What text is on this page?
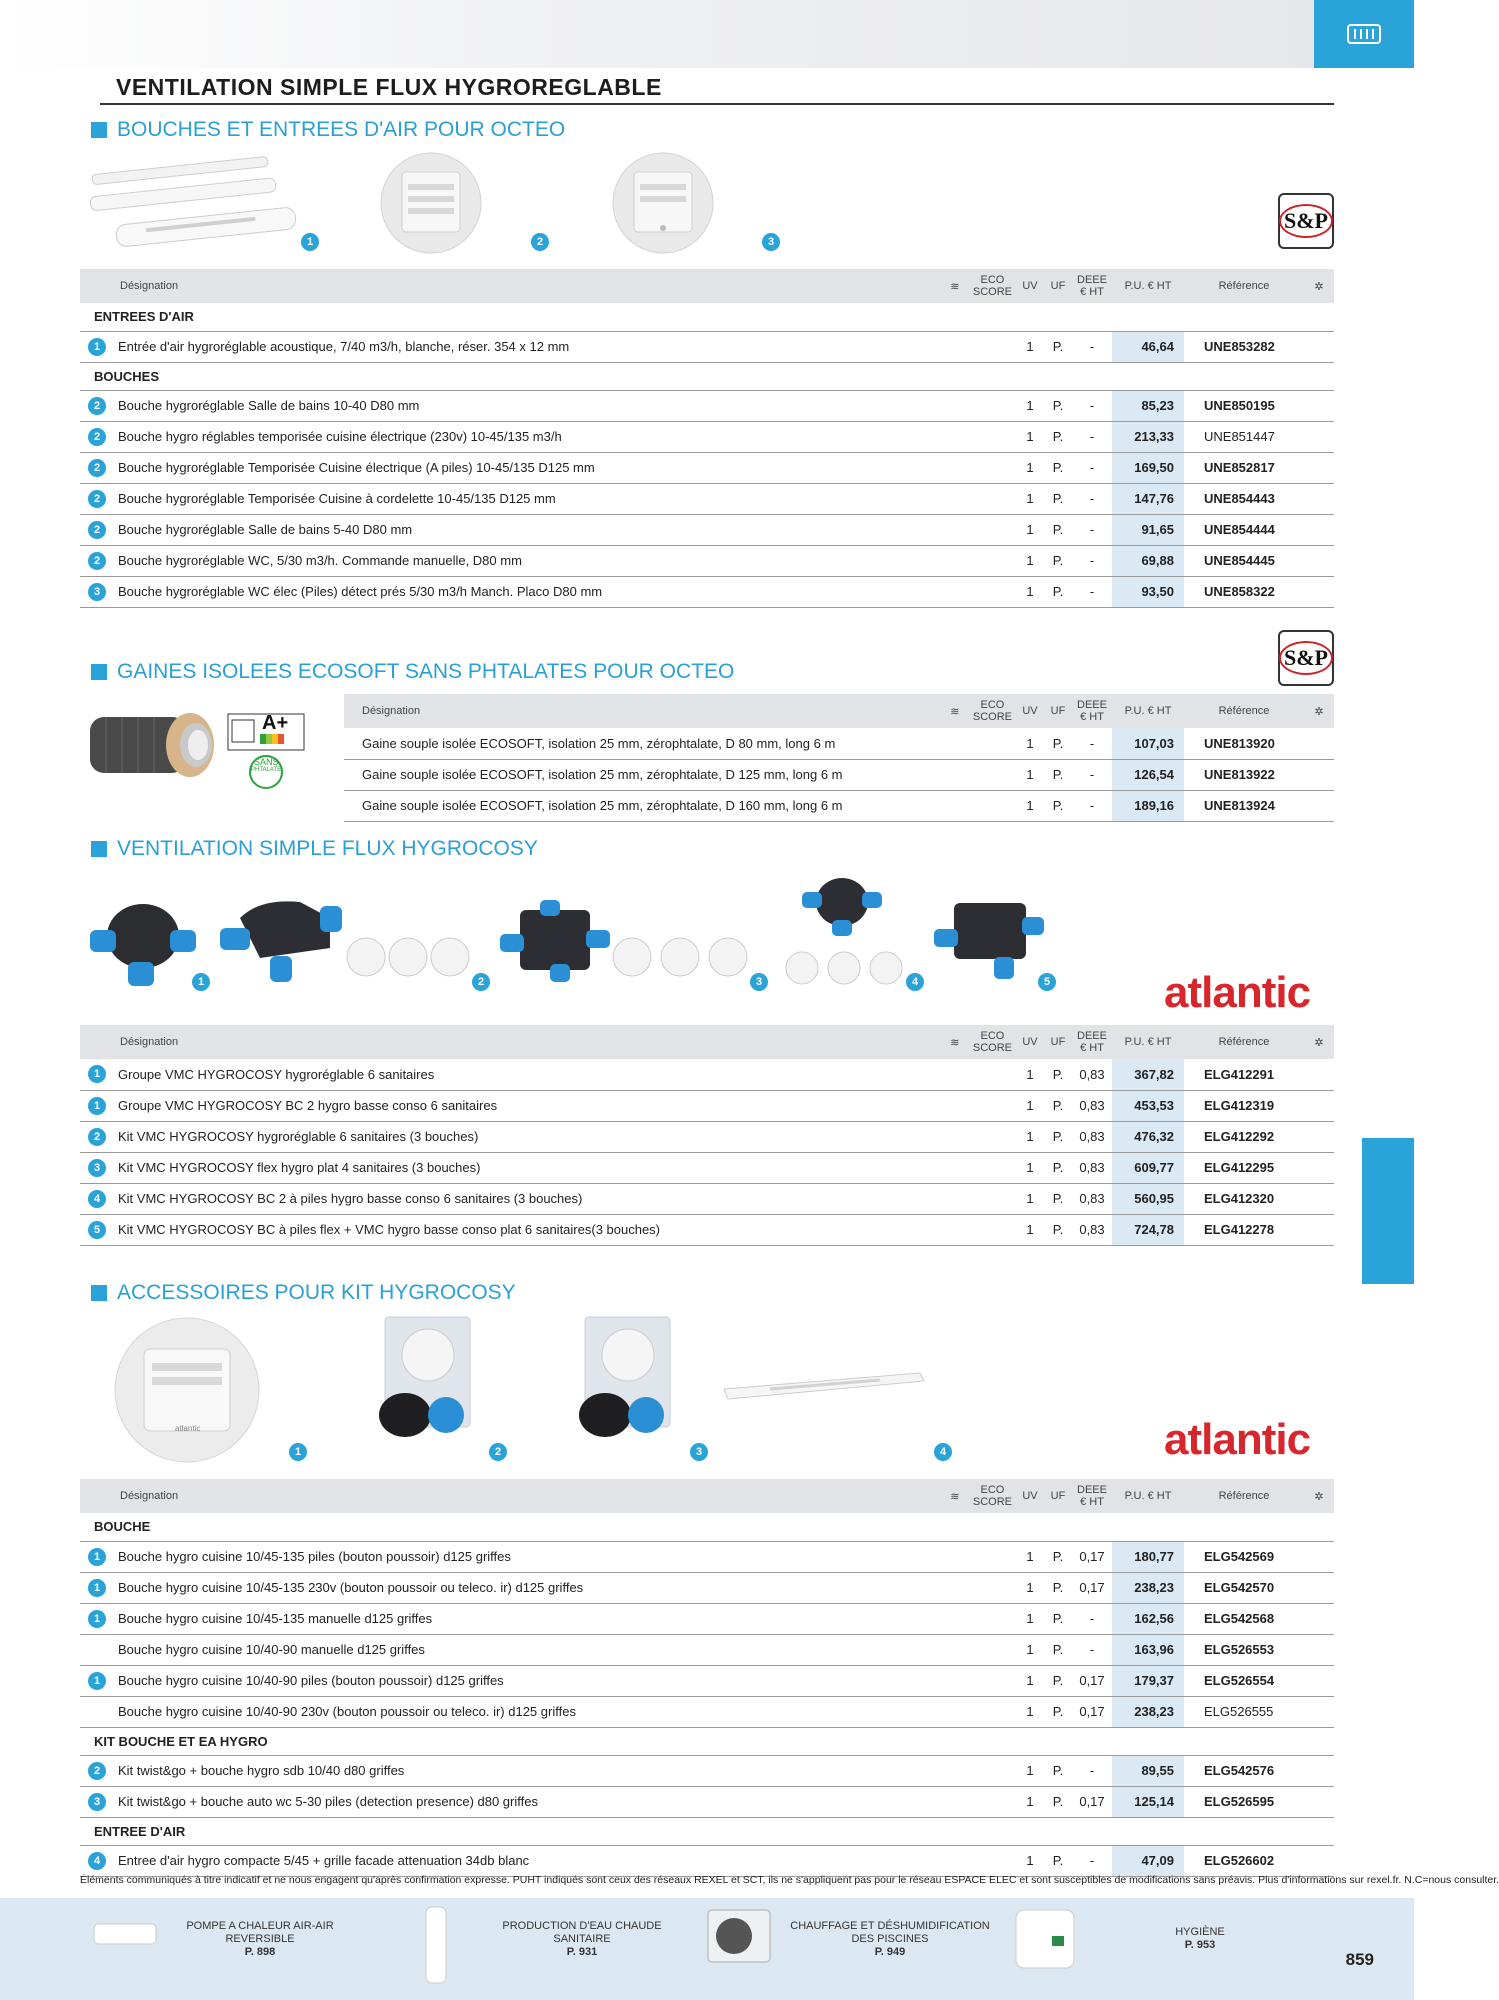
VENTILATION SIMPLE FLUX HYGROREGLABLE
BOUCHES ET ENTREES D'AIR POUR OCTEO
1	2	3
S&P
Désignation		≋	ECO
SCORE	UV	UF	DEEE
€ HT	P.U. € HT	Référence	✲
ENTREES D'AIR									
1	Entrée d'air hygroréglable acoustique, 7/40 m3/h, blanche, réser. 354 x 12 mm			1	P.	-	46,64	UNE853282	
BOUCHES									
2	Bouche hygroréglable Salle de bains 10-40 D80 mm			1	P.	-	85,23	UNE850195	
2	Bouche hygro réglables temporisée cuisine électrique (230v) 10-45/135 m3/h			1	P.	-	213,33	UNE851447	
2	Bouche hygroréglable Temporisée Cuisine électrique (A piles) 10-45/135 D125 mm			1	P.	-	169,50	UNE852817	
2	Bouche hygroréglable Temporisée Cuisine à cordelette 10-45/135 D125 mm			1	P.	-	147,76	UNE854443	
2	Bouche hygroréglable Salle de bains 5-40 D80 mm			1	P.	-	91,65	UNE854444	
2	Bouche hygroréglable WC, 5/30 m3/h. Commande manuelle, D80 mm			1	P.	-	69,88	UNE854445	
3	Bouche hygroréglable WC élec (Piles) détect prés 5/30 m3/h Manch. Placo D80 mm			1	P.	-	93,50	UNE858322	
GAINES ISOLEES ECOSOFT SANS PHTALATES POUR OCTEO
S&P
A+
SANS
PHTALATE
Désignation	≋	ECO
SCORE	UV	UF	DEEE
€ HT	P.U. € HT	Référence	✲
Gaine souple isolée ECOSOFT, isolation 25 mm, zérophtalate, D 80 mm, long 6 m			1	P.	-	107,03	UNE813920	
Gaine souple isolée ECOSOFT, isolation 25 mm, zérophtalate, D 125 mm, long 6 m			1	P.	-	126,54	UNE813922	
Gaine souple isolée ECOSOFT, isolation 25 mm, zérophtalate, D 160 mm, long 6 m			1	P.	-	189,16	UNE813924	
VENTILATION SIMPLE FLUX HYGROCOSY
1	2	3	4	5	atlantic
Désignation		≋	ECO
SCORE	UV	UF	DEEE
€ HT	P.U. € HT	Référence	✲
1	Groupe VMC HYGROCOSY hygroréglable 6 sanitaires			1	P.	0,83	367,82	ELG412291	
1	Groupe VMC HYGROCOSY BC 2 hygro basse conso 6 sanitaires			1	P.	0,83	453,53	ELG412319	
2	Kit VMC HYGROCOSY hygroréglable 6 sanitaires (3 bouches)			1	P.	0,83	476,32	ELG412292	
3	Kit VMC HYGROCOSY flex hygro plat 4 sanitaires (3 bouches)			1	P.	0,83	609,77	ELG412295	
4	Kit VMC HYGROCOSY BC 2 à piles hygro basse conso 6 sanitaires (3 bouches)			1	P.	0,83	560,95	ELG412320	
5	Kit VMC HYGROCOSY BC à piles flex + VMC hygro basse conso plat 6 sanitaires(3 bouches)			1	P.	0,83	724,78	ELG412278	
ACCESSOIRES POUR KIT HYGROCOSY
atlantic
1	2	3	4	atlantic
Désignation		≋	ECO
SCORE	UV	UF	DEEE
€ HT	P.U. € HT	Référence	✲
BOUCHE									
1	Bouche hygro cuisine 10/45-135 piles (bouton poussoir) d125 griffes			1	P.	0,17	180,77	ELG542569	
1	Bouche hygro cuisine 10/45-135 230v (bouton poussoir ou teleco. ir) d125 griffes			1	P.	0,17	238,23	ELG542570	
1	Bouche hygro cuisine 10/45-135 manuelle d125 griffes			1	P.	-	162,56	ELG542568	
	Bouche hygro cuisine 10/40-90 manuelle d125 griffes			1	P.	-	163,96	ELG526553	
1	Bouche hygro cuisine 10/40-90 piles (bouton poussoir) d125 griffes			1	P.	0,17	179,37	ELG526554	
	Bouche hygro cuisine 10/40-90 230v (bouton poussoir ou teleco. ir) d125 griffes			1	P.	0,17	238,23	ELG526555	
KIT BOUCHE ET EA HYGRO									
2	Kit twist&go + bouche hygro sdb 10/40 d80 griffes			1	P.	-	89,55	ELG542576	
3	Kit twist&go + bouche auto wc 5-30 piles (detection presence) d80 griffes			1	P.	0,17	125,14	ELG526595	
ENTREE D'AIR									
4	Entree d'air hygro compacte 5/45 + grille facade attenuation 34db blanc			1	P.	-	47,09	ELG526602	
Éléments communiqués à titre indicatif et ne nous engagent qu'après confirmation expresse. PUHT indiqués sont ceux des réseaux REXEL et SCT, ils ne s'appliquent pas pour le réseau ESPACE ELEC et sont susceptibles de modifications sans préavis. Plus d'informations sur rexel.fr. N.C=nous consulter.
POMPE A CHALEUR AIR-AIR REVERSIBLE
P. 898
PRODUCTION D'EAU CHAUDE SANITAIRE
P. 931
CHAUFFAGE ET DÉSHUMIDIFICATION DES PISCINES
P. 949
HYGIÈNE
P. 953
859
